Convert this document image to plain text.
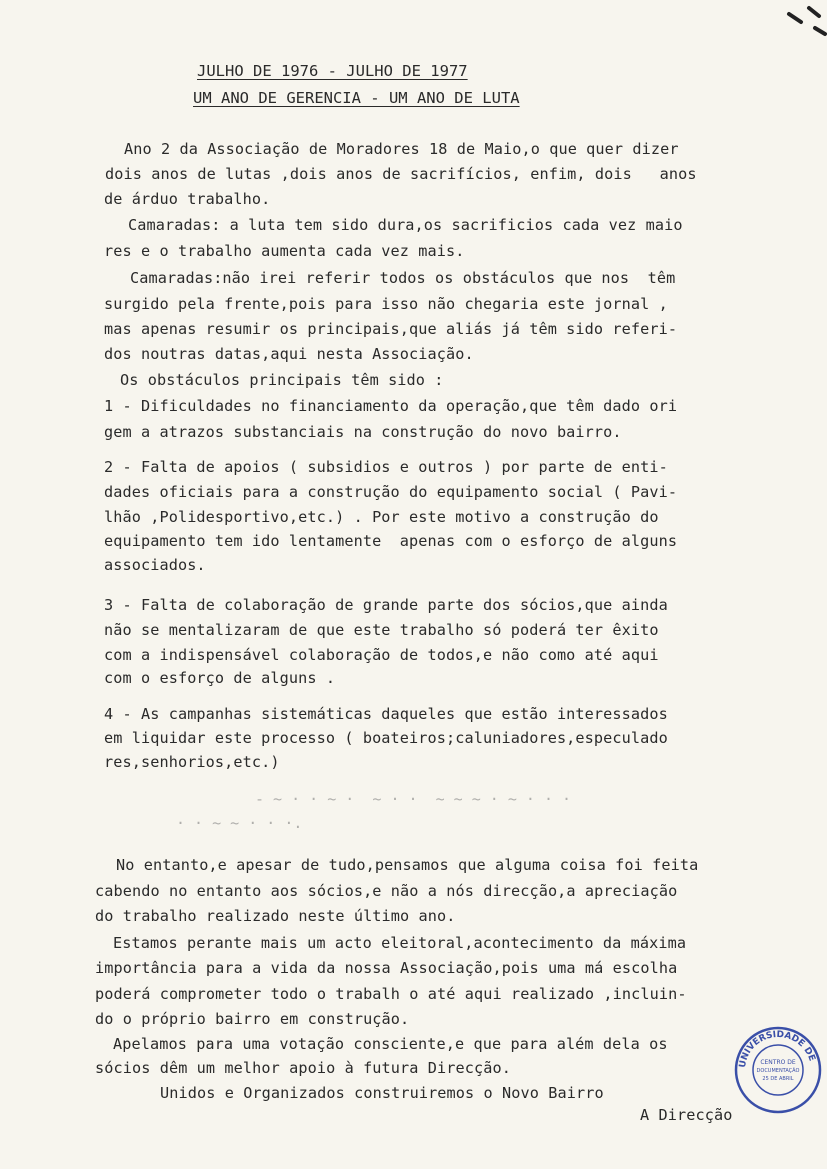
JULHO DE 1976 - JULHO DE 1977
UM ANO DE GERENCIA - UM ANO DE LUTA
Ano 2 da Associação de Moradores 18 de Maio,o que quer dizer
dois anos de lutas ,dois anos de sacrifícios, enfim, dois   anos
de árduo trabalho.
Camaradas: a luta tem sido dura,os sacrificios cada vez maio
res e o trabalho aumenta cada vez mais.
Camaradas:não irei referir todos os obstáculos que nos  têm
surgido pela frente,pois para isso não chegaria este jornal ,
mas apenas resumir os principais,que aliás já têm sido referi-
dos noutras datas,aqui nesta Associação.
Os obstáculos principais têm sido :
1 - Dificuldades no financiamento da operação,que têm dado ori
gem a atrazos substanciais na construção do novo bairro.
2 - Falta de apoios ( subsidios e outros ) por parte de enti-
dades oficiais para a construção do equipamento social ( Pavi-
lhão ,Polidesportivo,etc.) . Por este motivo a construção do
equipamento tem ido lentamente  apenas com o esforço de alguns
associados.
3 - Falta de colaboração de grande parte dos sócios,que ainda
não se mentalizaram de que este trabalho só poderá ter êxito
com a indispensável colaboração de todos,e não como até aqui
com o esforço de alguns .
4 - As campanhas sistemáticas daqueles que estão interessados
em liquidar este processo ( boateiros;caluniadores,especulado
res,senhorios,etc.)
- ~ · · ~ ·  ~ · ·  ~ ~ ~ · ~ · · ·
· · ~ ~ · · ·.
No entanto,e apesar de tudo,pensamos que alguma coisa foi feita
cabendo no entanto aos sócios,e não a nós direcção,a apreciação
do trabalho realizado neste último ano.
Estamos perante mais um acto eleitoral,acontecimento da máxima
importância para a vida da nossa Associação,pois uma má escolha
poderá comprometer todo o trabalh o até aqui realizado ,incluin-
do o próprio bairro em construção.
Apelamos para uma votação consciente,e que para além dela os
sócios dêm um melhor apoio à futura Direcção.
Unidos e Organizados construiremos o Novo Bairro
A Direcção
UNIVERSIDADE DE
CENTRO DE
DOCUMENTAÇÃO
25 DE ABRIL
